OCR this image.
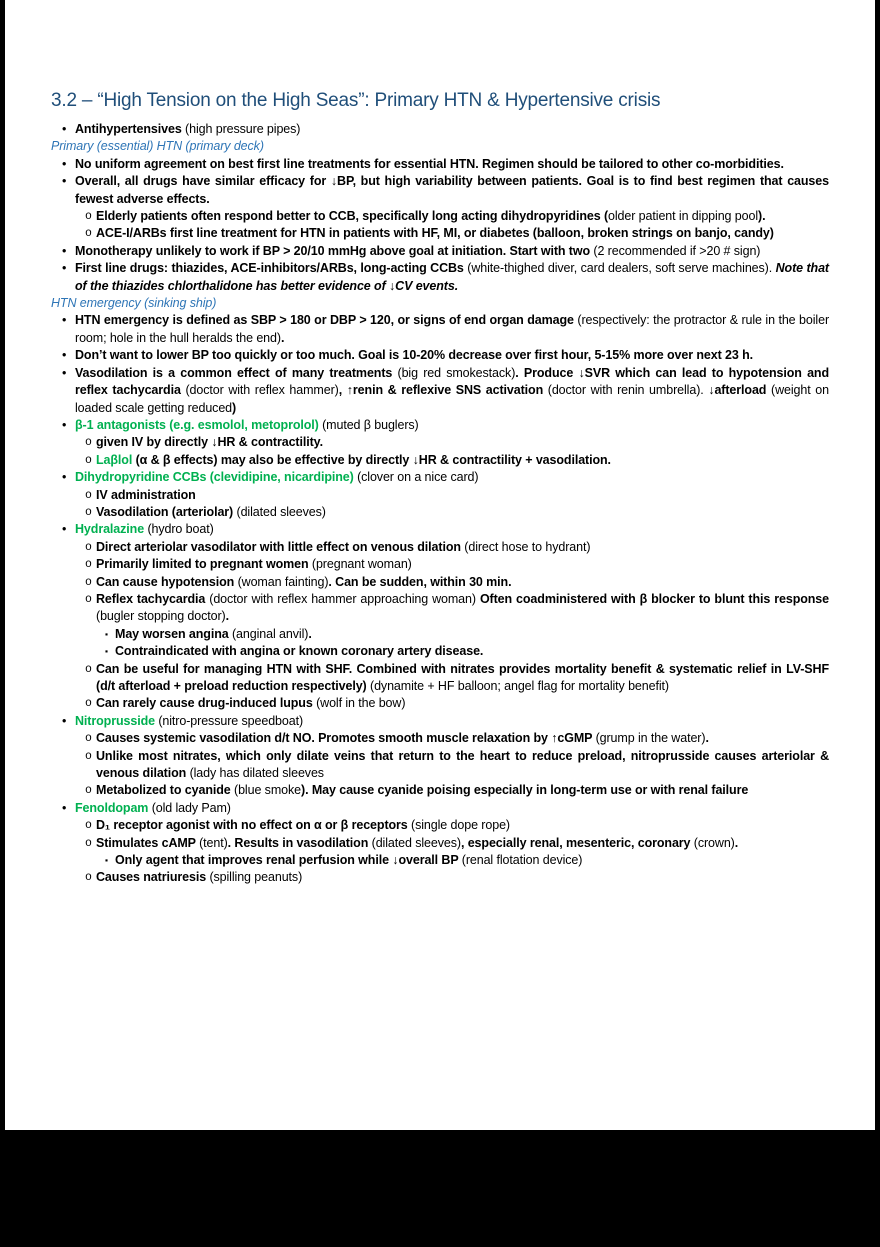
3.2 – “High Tension on the High Seas”: Primary HTN & Hypertensive crisis
• Antihypertensives (high pressure pipes)
Primary (essential) HTN (primary deck)
• No uniform agreement on best first line treatments for essential HTN. Regimen should be tailored to other co-morbidities.
• Overall, all drugs have similar efficacy for ↓BP, but high variability between patients. Goal is to find best regimen that causes fewest adverse effects.
o Elderly patients often respond better to CCB, specifically long acting dihydropyridines (older patient in dipping pool).
o ACE-I/ARBs first line treatment for HTN in patients with HF, MI, or diabetes (balloon, broken strings on banjo, candy)
• Monotherapy unlikely to work if BP > 20/10 mmHg above goal at initiation. Start with two (2 recommended if >20 # sign)
• First line drugs: thiazides, ACE-inhibitors/ARBs, long-acting CCBs (white-thighed diver, card dealers, soft serve machines). Note that of the thiazides chlorthalidone has better evidence of ↓CV events.
HTN emergency (sinking ship)
• HTN emergency is defined as SBP > 180 or DBP > 120, or signs of end organ damage (respectively: the protractor & rule in the boiler room; hole in the hull heralds the end).
• Don’t want to lower BP too quickly or too much. Goal is 10-20% decrease over first hour, 5-15% more over next 23 h.
• Vasodilation is a common effect of many treatments (big red smokestack). Produce ↓SVR which can lead to hypotension and reflex tachycardia (doctor with reflex hammer), ↑renin & reflexive SNS activation (doctor with renin umbrella). ↓afterload (weight on loaded scale getting reduced)
• β-1 antagonists (e.g. esmolol, metoprolol) (muted β buglers)
o given IV by directly ↓HR & contractility.
o Laβlol (α & β effects) may also be effective by directly ↓HR & contractility + vasodilation.
• Dihydropyridine CCBs (clevidipine, nicardipine) (clover on a nice card)
o IV administration
o Vasodilation (arteriolar) (dilated sleeves)
• Hydralazine (hydro boat)
o Direct arteriolar vasodilator with little effect on venous dilation (direct hose to hydrant)
o Primarily limited to pregnant women (pregnant woman)
o Can cause hypotension (woman fainting). Can be sudden, within 30 min.
o Reflex tachycardia (doctor with reflex hammer approaching woman) Often coadministered with β blocker to blunt this response (bugler stopping doctor).
▪ May worsen angina (anginal anvil).
▪ Contraindicated with angina or known coronary artery disease.
o Can be useful for managing HTN with SHF. Combined with nitrates provides mortality benefit & systematic relief in LV-SHF (d/t afterload + preload reduction respectively) (dynamite + HF balloon; angel flag for mortality benefit)
o Can rarely cause drug-induced lupus (wolf in the bow)
• Nitroprusside (nitro-pressure speedboat)
o Causes systemic vasodilation d/t NO. Promotes smooth muscle relaxation by ↑cGMP (grump in the water).
o Unlike most nitrates, which only dilate veins that return to the heart to reduce preload, nitroprusside causes arteriolar & venous dilation (lady has dilated sleeves
o Metabolized to cyanide (blue smoke). May cause cyanide poising especially in long-term use or with renal failure
• Fenoldopam (old lady Pam)
o D₁ receptor agonist with no effect on α or β receptors (single dope rope)
o Stimulates cAMP (tent). Results in vasodilation (dilated sleeves), especially renal, mesenteric, coronary (crown).
▪ Only agent that improves renal perfusion while ↓overall BP (renal flotation device)
o Causes natriuresis (spilling peanuts)
